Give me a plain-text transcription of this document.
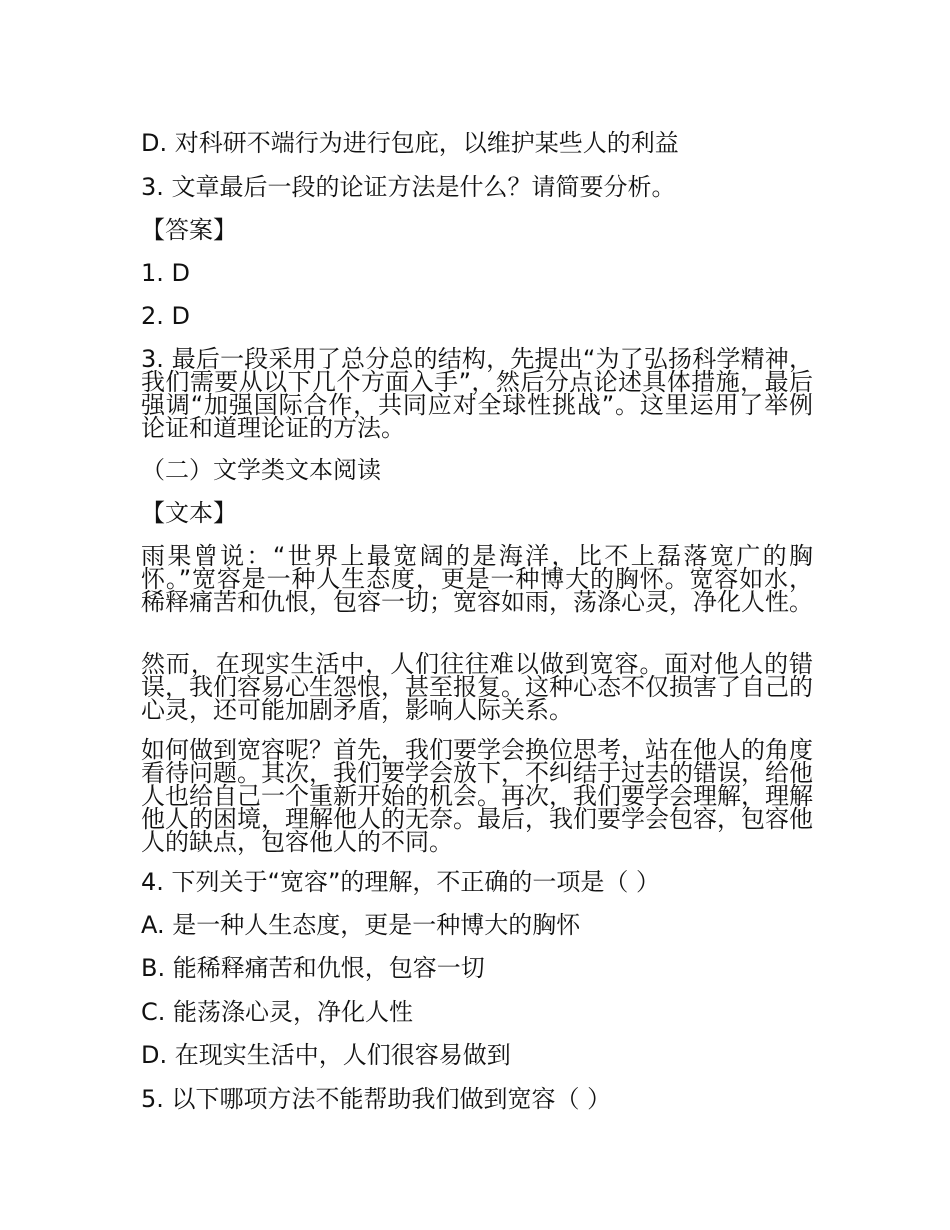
D. 对科研不端行为进行包庇，以维护某些人的利益
3. 文章最后一段的论证方法是什么？请简要分析。
【答案】
1. D
2. D
3. 最后一段采用了总分总的结构，先提出“为了弘扬科学精神，我们需要从以下几个方面入手”，然后分点论述具体措施，最后强调“加强国际合作，共同应对全球性挑战”。这里运用了举例论证和道理论证的方法。
（二）文学类文本阅读
【文本】
雨果曾说：“世界上最宽阔的是海洋，比不上磊落宽广的胸怀。”宽容是一种人生态度，更是一种博大的胸怀。宽容如水，稀释痛苦和仇恨，包容一切；宽容如雨，荡涤心灵，净化人性。
然而，在现实生活中，人们往往难以做到宽容。面对他人的错误，我们容易心生怨恨，甚至报复。这种心态不仅损害了自己的心灵，还可能加剧矛盾，影响人际关系。
如何做到宽容呢？首先，我们要学会换位思考，站在他人的角度看待问题。其次，我们要学会放下，不纠结于过去的错误，给他人也给自己一个重新开始的机会。再次，我们要学会理解，理解他人的困境，理解他人的无奈。最后，我们要学会包容，包容他人的缺点，包容他人的不同。
4. 下列关于“宽容”的理解，不正确的一项是（ ）
A. 是一种人生态度，更是一种博大的胸怀
B. 能稀释痛苦和仇恨，包容一切
C. 能荡涤心灵，净化人性
D. 在现实生活中，人们很容易做到
5. 以下哪项方法不能帮助我们做到宽容（ ）
